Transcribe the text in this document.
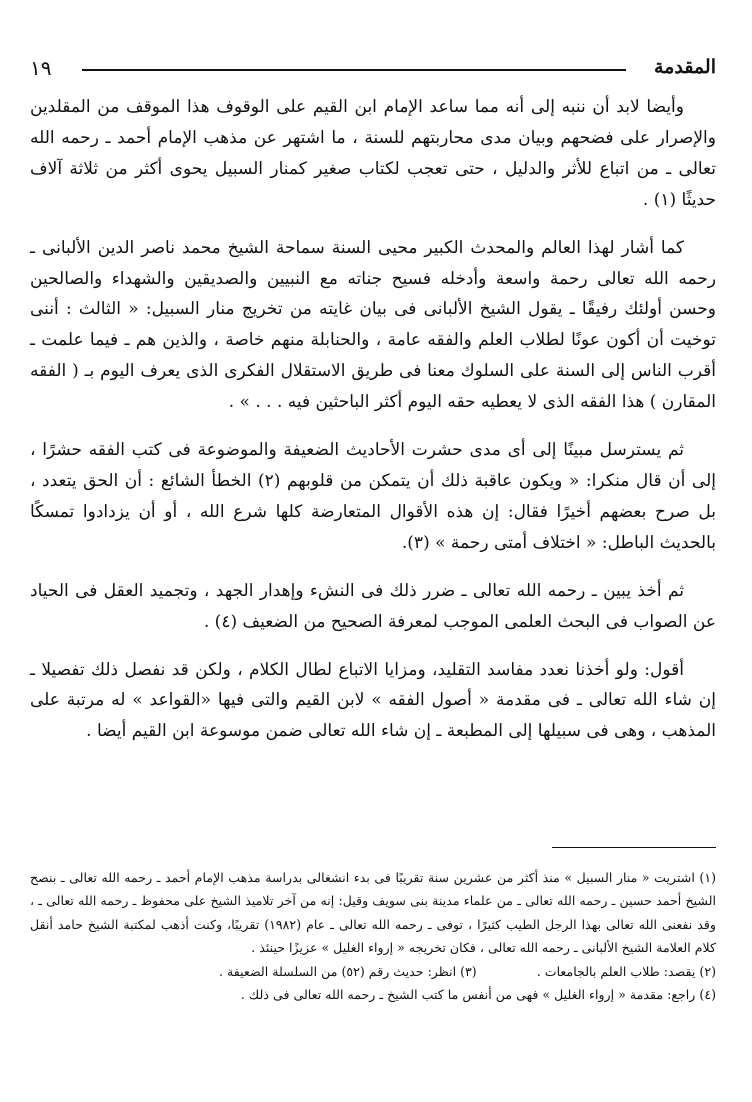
١٩	المقدمة

وأيضا لابد أن ننبه إلى أنه مما ساعد الإمام ابن القيم على الوقوف هذا الموقف من المقلدين والإصرار على فضحهم وبيان مدى محاربتهم للسنة ، ما اشتهر عن مذهب الإمام أحمد ـ رحمه الله تعالى ـ من اتباع للأثر والدليل ، حتى تعجب لكتاب صغير كمنار السبيل يحوى أكثر من ثلاثة آلاف حديثًا (١) .

كما أشار لهذا العالم والمحدث الكبير محيى السنة سماحة الشيخ محمد ناصر الدين الألبانى ـ رحمه الله تعالى رحمة واسعة وأدخله فسيح جناته مع النبيين والصديقين والشهداء والصالحين وحسن أولئك رفيقًا ـ يقول الشيخ الألبانى فى بيان غايته من تخريج منار السبيل: « الثالث : أننى توخيت أن أكون عونًا لطلاب العلم والفقه عامة ، والحنابلة منهم خاصة ، والذين هم ـ فيما علمت ـ أقرب الناس إلى السنة على السلوك معنا فى طريق الاستقلال الفكرى الذى يعرف اليوم بـ ( الفقه المقارن ) هذا الفقه الذى لا يعطيه حقه اليوم أكثر الباحثين فيه . . . » .

ثم يسترسل مبينًا إلى أى مدى حشرت الأحاديث الضعيفة والموضوعة فى كتب الفقه حشرًا ، إلى أن قال منكرا: « ويكون عاقبة ذلك أن يتمكن من قلوبهم (٢) الخطأ الشائع : أن الحق يتعدد ، بل صرح بعضهم أخيرًا فقال: إن هذه الأقوال المتعارضة كلها شرع الله ، أو أن يزدادوا تمسكًا بالحديث الباطل: « اختلاف أمتى رحمة » (٣).

ثم أخذ يبين ـ رحمه الله تعالى ـ ضرر ذلك فى النشء وإهدار الجهد ، وتجميد العقل فى الحياد عن الصواب فى البحث العلمى الموجب لمعرفة الصحيح من الضعيف (٤) .

أقول: ولو أخذنا نعدد مفاسد التقليد، ومزايا الاتباع لطال الكلام ، ولكن قد نفصل ذلك تفصيلا ـ إن شاء الله تعالى ـ فى مقدمة « أصول الفقه » لابن القيم والتى فيها «القواعد » له مرتبة على المذهب ، وهى فى سبيلها إلى المطبعة ـ إن شاء الله تعالى ضمن موسوعة ابن القيم أيضا .

(١) اشتريت « منار السبيل » منذ أكثر من عشرين سنة تقريبًا فى بدء انشغالى بدراسة مذهب الإمام أحمد ـ رحمه الله تعالى ـ بنصح الشيخ أحمد حسين ـ رحمه الله تعالى ـ من علماء مدينة بنى سويف وقيل: إنه من آخر تلاميذ الشيخ على محفوظ ـ رحمه الله تعالى ـ ، وقد نفعنى الله تعالى بهذا الرجل الطيب كثيرًا ، توفى ـ رحمه الله تعالى ـ عام (١٩٨٢) تقريبًا، وكنت أذهب لمكتبة الشيخ حامد أنقل كلام العلامة الشيخ الألبانى ـ رحمه الله تعالى ، فكان تخريجه « إرواء الغليل » عزيزًا حينئذ .

(٢) يقصد: طلاب العلم بالجامعات .
(٣) انظر: حديث رقم (٥٢) من السلسلة الضعيفة .

(٤) راجع: مقدمة « إرواء الغليل » فهى من أنفس ما كتب الشيخ ـ رحمه الله تعالى فى ذلك .
